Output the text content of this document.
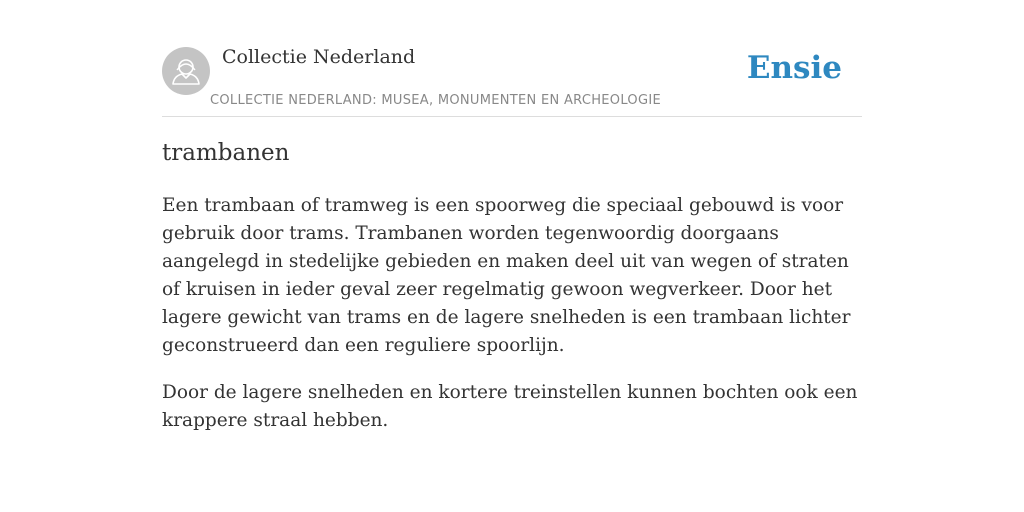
Collectie Nederland
COLLECTIE NEDERLAND: MUSEA, MONUMENTEN EN ARCHEOLOGIE
Ensie
trambanen

Een trambaan of tramweg is een spoorweg die speciaal gebouwd is voor gebruik door trams. Trambanen worden tegenwoordig doorgaans aangelegd in stedelijke gebieden en maken deel uit van wegen of straten of kruisen in ieder geval zeer regelmatig gewoon wegverkeer. Door het lagere gewicht van trams en de lagere snelheden is een trambaan lichter geconstrueerd dan een reguliere spoorlijn.

Door de lagere snelheden en kortere treinstellen kunnen bochten ook een krappere straal hebben.
